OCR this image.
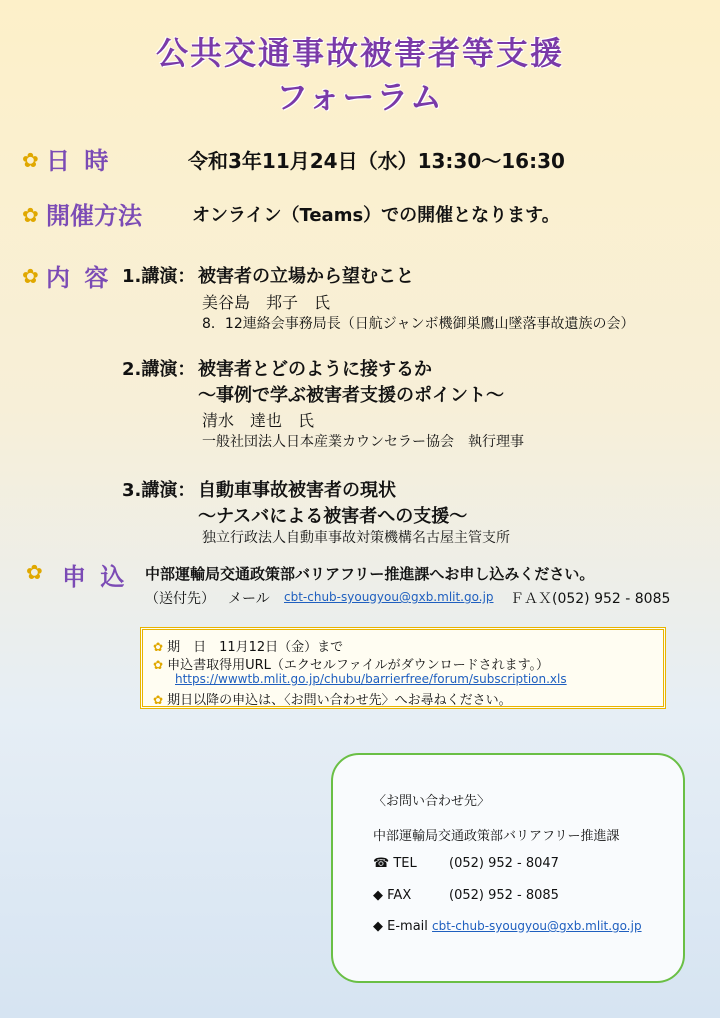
公共交通事故被害者等支援
フォーラム
✿ 日 時	令和3年11月24日（水）13:30～16:30
✿ 開催方法	オンライン（Teams）での開催となります。
✿ 内 容 1.講演： 被害者の立場から望むこと
美谷島　邦子　氏
8．12連絡会事務局長（日航ジャンボ機御巣鷹山墜落事故遺族の会）
2.講演： 被害者とどのように接するか
～事例で学ぶ被害者支援のポイント～
清水　達也　氏
一般社団法人日本産業カウンセラー協会　執行理事
3.講演： 自動車事故被害者の現状
～ナスバによる被害者への支援～
独立行政法人自動車事故対策機構名古屋主管支所
✿ 申 込 中部運輸局交通政策部バリアフリー推進課へお申し込みください。
（送付先） メール cbt-chub-syougyou@gxb.mlit.go.jp ＦＡＸ(052) 952 - 8085
✿ 期　日　11月12日（金）まで
✿ 申込書取得用URL（エクセルファイルがダウンロードされます。）
https://wwwtb.mlit.go.jp/chubu/barrierfree/forum/subscription.xls
✿ 期日以降の申込は、〈お問い合わせ先〉へお尋ねください。
〈お問い合わせ先〉
中部運輸局交通政策部バリアフリー推進課
☎ TEL (052) 952 - 8047
◆ FAX	(052) 952 - 8085
◆ E-mail cbt-chub-syougyou@gxb.mlit.go.jp
